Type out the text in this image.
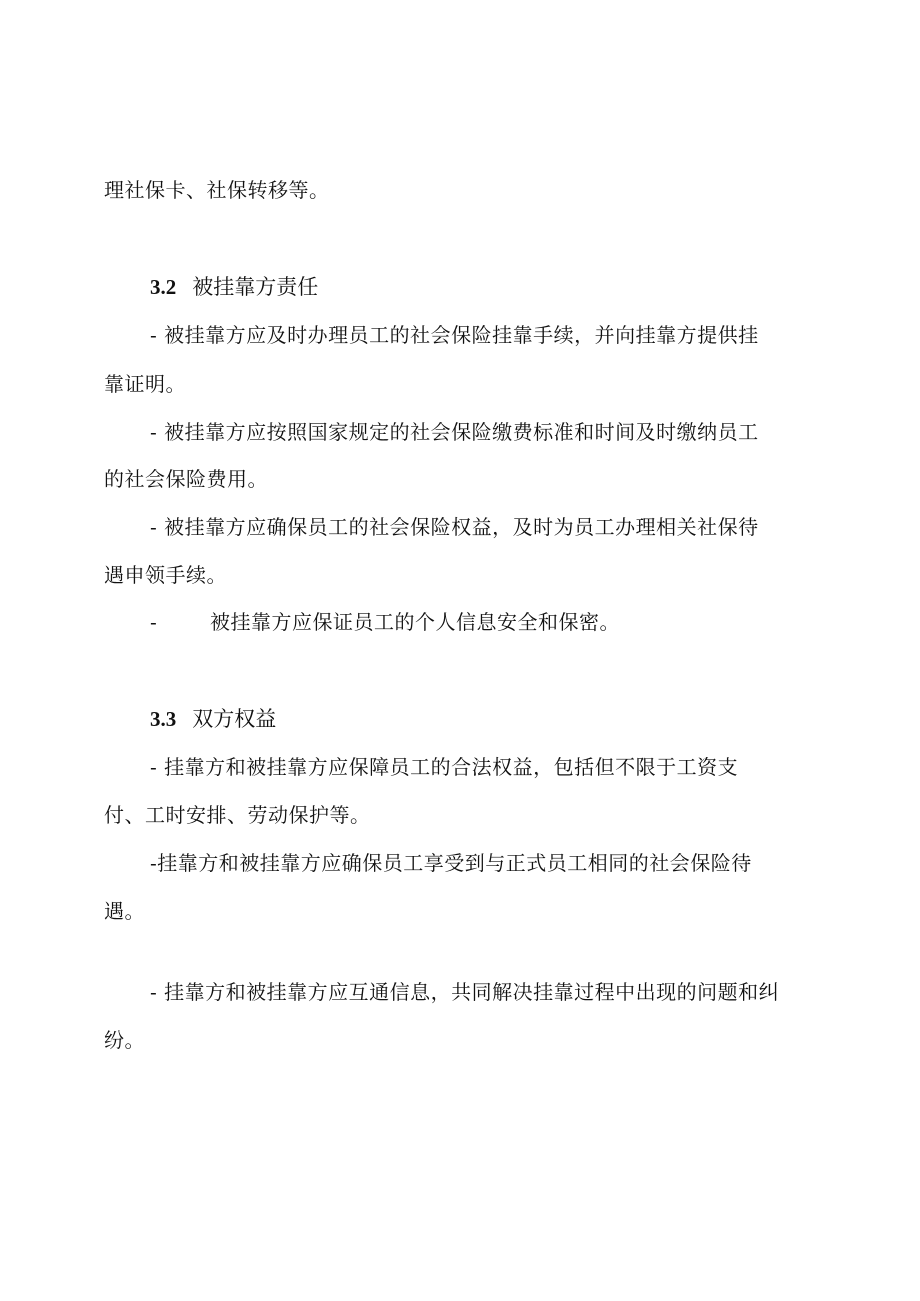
理社保卡、社保转移等。

3.2 被挂靠方责任

- 被挂靠方应及时办理员工的社会保险挂靠手续，并向挂靠方提供挂

靠证明。

- 被挂靠方应按照国家规定的社会保险缴费标准和时间及时缴纳员工

的社会保险费用。

- 被挂靠方应确保员工的社会保险权益，及时为员工办理相关社保待

遇申领手续。

-	被挂靠方应保证员工的个人信息安全和保密。

3.3 双方权益

- 挂靠方和被挂靠方应保障员工的合法权益，包括但不限于工资支

付、工时安排、劳动保护等。

-挂靠方和被挂靠方应确保员工享受到与正式员工相同的社会保险待

遇。

- 挂靠方和被挂靠方应互通信息，共同解决挂靠过程中出现的问题和纠

纷。
